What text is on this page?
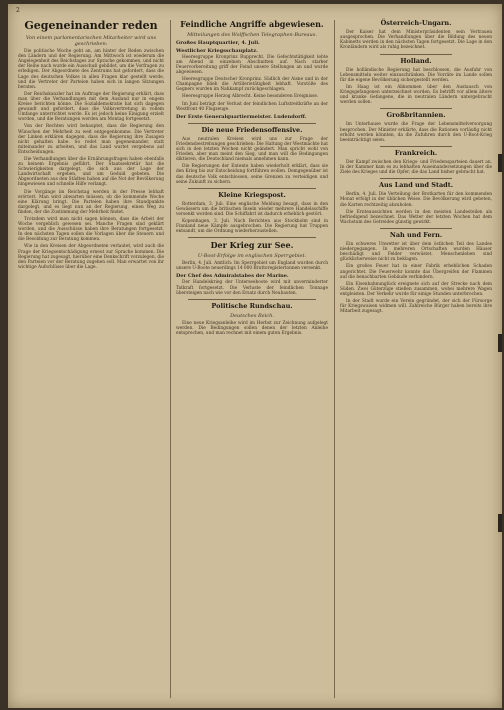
2
Gegeneinander reden
Von einem parlamentarischen Mitarbeiter wird uns geschrieben:
Die politische Woche geht an, am hinter der Reden zwischen den Ländern und der Regierung. Am Mittwoch ist wiederum die Angelegenheit des Reichstages zur Sprache gekommen, und nicht der Reihe nach wurde ein Ausschuß gebildet, um die Vorfragen zu erledigen. Der Abgeordnete des Zentrums hat gefordert, dass die Lage des deutschen Volkes in allen Fragen klar gestellt werde, und die Vertreter der Parteien haben sich in langen Sitzungen beraten.
Der Reichskanzler hat im Auftrage der Regierung erklärt, dass man über die Verhandlungen mit dem Ausland nur in engem Kreise berichten könne. Die Sozialdemokratie hat sich dagegen gewandt und gefordert, dass die Volksvertretung in vollem Umfange unterrichtet werde. Es ist jedoch keine Einigung erzielt worden, und die Beratungen werden am Montag fortgesetzt.
Von der Rechten wird behauptet, dass die Regierung den Wünschen der Mehrheit zu weit entgegenkomme. Die Vertreter der Linken erklären dagegen, dass die Regierung ihre Zusagen nicht gehalten habe. So redet man gegeneinander, statt miteinander zu arbeiten, und das Land wartet vergebens auf Entscheidungen.
Die Verhandlungen über die Ernährungsfragen haben ebenfalls zu keinem Ergebnis geführt. Der Staatssekretär hat die Schwierigkeiten dargelegt, die sich aus der Lage der Landwirtschaft ergeben, und um Geduld gebeten. Die Abgeordneten aus den Städten haben auf die Not der Bevölkerung hingewiesen und schnelle Hilfe verlangt.
Die Vorgänge im Reichstag werden in der Presse lebhaft erörtert. Man wird abwarten müssen, ob die kommende Woche eine Klärung bringt. Die Parteien haben ihre Standpunkte dargelegt, und es liegt nun an der Regierung, einen Weg zu finden, der die Zustimmung der Mehrheit findet.
Trotzdem wird man nicht sagen können, dass die Arbeit der Woche vergeblich gewesen sei. Manche Fragen sind geklärt worden, und die Ausschüsse haben ihre Beratungen fortgesetzt. In den nächsten Tagen sollen die Vorlagen über die Steuern und die Besoldung zur Beratung kommen.
Wie in den Kreisen der Abgeordneten verlautet, wird auch die Frage der Kriegsentschädigung erneut zur Sprache kommen. Die Regierung hat zugesagt, hierüber eine Denkschrift vorzulegen, die den Parteien vor der Beratung zugehen soll. Man erwartet von ihr wichtige Aufschlüsse über die Lage.
Feindliche Angriffe abgewiesen.
Mitteilungen des Wolffschen Telegraphen-Bureaus.
Großes Hauptquartier, 4. Juli.
Westlicher Kriegsschauplatz.
Heeresgruppe Kronprinz Rupprecht. Die Gefechtstätigkeit lebte am Abend in einzelnen Abschnitten auf. Nach starker Feuervorbereitung griff der Feind unsere Stellungen an und wurde abgewiesen.
Heeresgruppe Deutscher Kronprinz. Südlich der Aisne und in der Champagne blieb die Artillerietätigkeit lebhaft. Vorstöße des Gegners wurden im Nahkampf zurückgeschlagen.
Heeresgruppe Herzog Albrecht. Keine besonderen Ereignisse.
Im Juni beträgt der Verlust der feindlichen Luftstreitkräfte an der Westfront 40 Flugzeuge.
Der Erste Generalquartiermeister. Ludendorff.
Die neue Friedensoffensive.
Aus neutralen Kreisen wird uns zur Frage der Friedensbestrebungen geschrieben: Die Haltung der Westmächte hat sich in den letzten Wochen nicht geändert. Man spricht wohl von Frieden, aber man meint den Sieg, und man will die Bedingungen diktieren, die Deutschland niemals annehmen kann.
Die Regierungen der Entente haben wiederholt erklärt, dass sie den Krieg bis zur Entscheidung fortführen wollen. Demgegenüber ist das deutsche Volk entschlossen, seine Grenzen zu verteidigen und seine Zukunft zu sichern.
Kleine Kriegspost.
Rotterdam, 3. Juli. Eine englische Meldung besagt, dass in den Gewässern um die britischen Inseln wieder mehrere Handelsschiffe versenkt worden sind. Die Schiffahrt ist dadurch erheblich gestört.
Kopenhagen, 3. Juli. Nach Berichten aus Stockholm sind in Finnland neue Kämpfe ausgebrochen. Die Regierung hat Truppen entsandt, um die Ordnung wiederherzustellen.
Der Krieg zur See.
U-Boot-Erfolge im englischen Sperrgebiet.
Berlin, 4. Juli. Amtlich: Im Sperrgebiet um England wurden durch unsere U-Boote neuerdings 14 000 Bruttoregistertonnen versenkt.
Der Chef des Admiralstabes der Marine.
Der Handelskrieg der Unterseeboote wird mit unverminderter Tatkraft fortgesetzt. Die Verluste der feindlichen Tonnage übersteigen nach wie vor den Ersatz durch Neubauten.
Politische Rundschau.
Deutsches Reich.
Eine neue Kriegsanleihe wird im Herbst zur Zeichnung aufgelegt werden. Die Bedingungen sollen denen der letzten Anleihe entsprechen, und man rechnet mit einem guten Ergebnis.
Österreich-Ungarn.
Der Kaiser hat dem Ministerpräsidenten sein Vertrauen ausgesprochen. Die Verhandlungen über die Bildung des neuen Kabinetts werden in den nächsten Tagen fortgesetzt. Die Lage in den Kronländern wird als ruhig bezeichnet.
Holland.
Die holländische Regierung hat beschlossen, die Ausfuhr von Lebensmitteln weiter einzuschränken. Die Vorräte im Lande sollen für die eigene Bevölkerung sichergestellt werden.
Im Haag ist ein Abkommen über den Austausch von Kriegsgefangenen unterzeichnet worden. Es betrifft vor allem ältere und kranke Gefangene, die in neutralen Ländern untergebracht werden sollen.
Großbritannien.
Im Unterhause wurde die Frage der Lebensmittelversorgung besprochen. Der Minister erklärte, dass die Rationen vorläufig nicht erhöht werden könnten, da die Zufuhren durch den U-Boot-Krieg beeinträchtigt seien.
Frankreich.
Der Kampf zwischen den Kriegs- und Friedensparteien dauert an. In der Kammer kam es zu lebhaften Auseinandersetzungen über die Ziele des Krieges und die Opfer, die das Land bisher gebracht hat.
Aus Land und Stadt.
Berlin, 4. Juli. Die Verteilung der Brotkarten für den kommenden Monat erfolgt in der üblichen Weise. Die Bevölkerung wird gebeten, die Karten rechtzeitig abzuholen.
Die Ernteaussichten werden in den meisten Landesteilen als befriedigend bezeichnet. Das Wetter der letzten Wochen hat dem Wachstum des Getreides günstig gewirkt.
Nah und Fern.
Ein schweres Unwetter ist über dem östlichen Teil des Landes niedergegangen. In mehreren Ortschaften wurden Häuser beschädigt und Felder verwüstet. Menschenleben sind glücklicherweise nicht zu beklagen.
Ein großes Feuer hat in einer Fabrik erheblichen Schaden angerichtet. Die Feuerwehr konnte das Übergreifen der Flammen auf die benachbarten Gebäude verhindern.
Ein Eisenbahnunglück ereignete sich auf der Strecke nach dem Süden. Zwei Güterzüge stießen zusammen, wobei mehrere Wagen entgleisten. Der Verkehr wurde für einige Stunden unterbrochen.
In der Stadt wurde ein Verein gegründet, der sich der Fürsorge für Kriegswaisen widmen will. Zahlreiche Bürger haben bereits ihre Mitarbeit zugesagt.
